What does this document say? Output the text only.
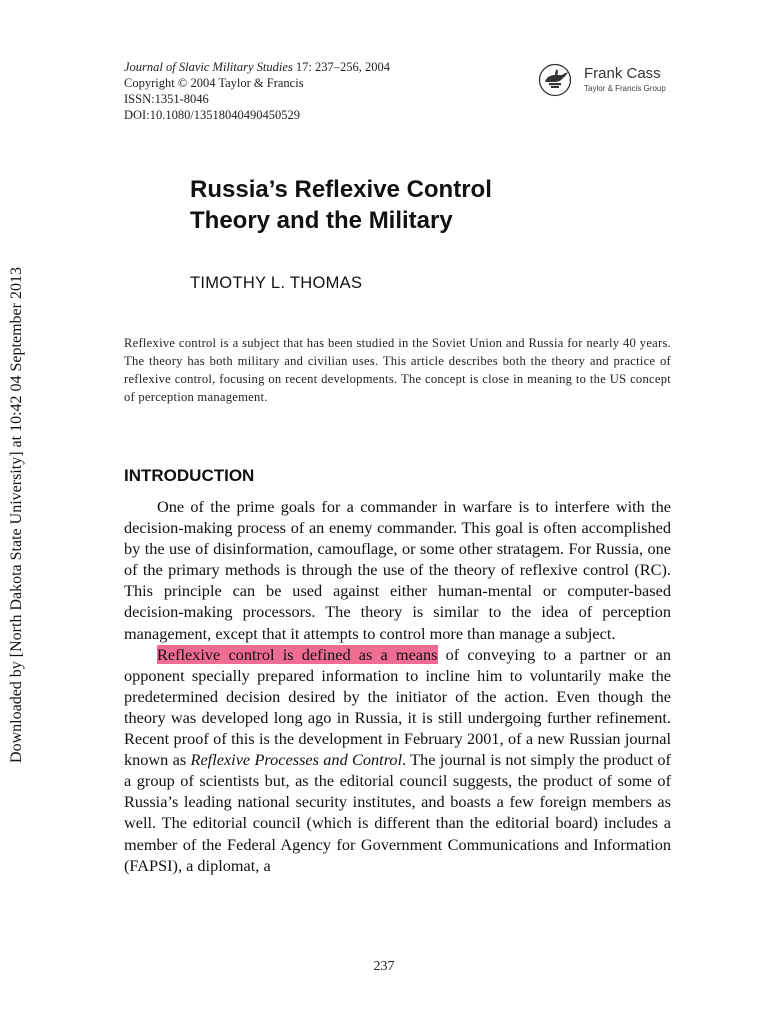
Downloaded by [North Dakota State University] at 10:42 04 September 2013
Journal of Slavic Military Studies 17: 237–256, 2004
Copyright © 2004 Taylor & Francis
ISSN:1351-8046
DOI:10.1080/13518040490450529
Frank Cass
Taylor & Francis Group
Russia’s Reflexive Control
Theory and the Military

TIMOTHY L. THOMAS

Reflexive control is a subject that has been studied in the Soviet Union and Russia for nearly 40 years. The theory has both military and civilian uses. This article describes both the theory and practice of reflexive control, focusing on recent developments. The concept is close in meaning to the US concept of perception management.

INTRODUCTION

One of the prime goals for a commander in warfare is to interfere with the decision-making process of an enemy commander. This goal is often accomplished by the use of disinformation, camouflage, or some other stratagem. For Russia, one of the primary methods is through the use of the theory of reflexive control (RC). This principle can be used against either human-mental or computer-based decision-making processors. The theory is similar to the idea of perception management, except that it attempts to control more than manage a subject.

Reflexive control is defined as a means of conveying to a partner or an opponent specially prepared information to incline him to voluntarily make the predetermined decision desired by the initiator of the action. Even though the theory was developed long ago in Russia, it is still undergoing further refinement. Recent proof of this is the development in February 2001, of a new Russian journal known as Reflexive Processes and Control. The journal is not simply the product of a group of scientists but, as the editorial council suggests, the product of some of Russia’s leading national security institutes, and boasts a few foreign members as well. The editorial council (which is different than the editorial board) includes a member of the Federal Agency for Government Communications and Information (FAPSI), a diplomat, a

237
